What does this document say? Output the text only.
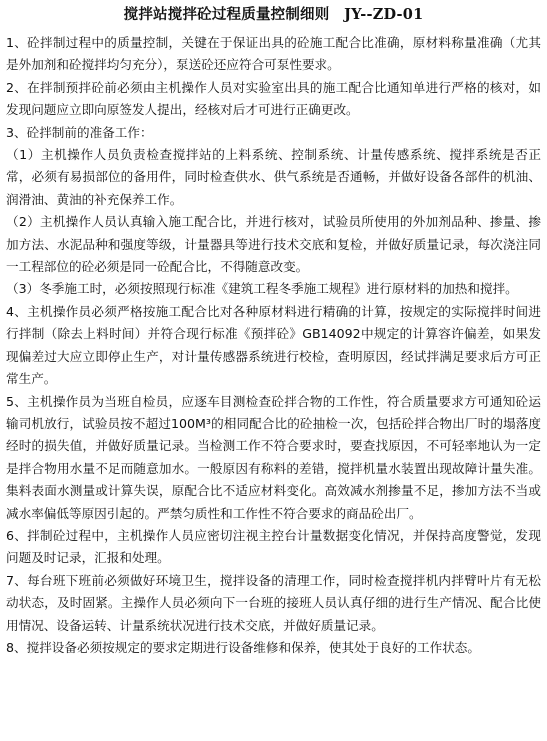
搅拌站搅拌砼过程质量控制细则　JY--ZD-01

1、砼拌制过程中的质量控制，关键在于保证出具的砼施工配合比准确，原材料称量准确（尤其是外加剂和砼搅拌均匀充分），泵送砼还应符合可泵性要求。

2、在拌制预拌砼前必须由主机操作人员对实验室出具的施工配合比通知单进行严格的核对，如发现问题应立即向原签发人提出，经核对后才可进行正确更改。

3、砼拌制前的准备工作：

（1）主机操作人员负责检查搅拌站的上料系统、控制系统、计量传感系统、搅拌系统是否正常，必须有易损部位的备用件，同时检查供水、供气系统是否通畅，并做好设备各部件的机油、润滑油、黄油的补充保养工作。

（2）主机操作人员认真输入施工配合比，并进行核对，试验员所使用的外加剂品种、掺量、掺加方法、水泥品种和强度等级，计量器具等进行技术交底和复检，并做好质量记录，每次浇注同一工程部位的砼必须是同一砼配合比，不得随意改变。

（3）冬季施工时，必须按照现行标准《建筑工程冬季施工规程》进行原材料的加热和搅拌。

4、主机操作员必须严格按施工配合比对各种原材料进行精确的计算，按规定的实际搅拌时间进行拌制（除去上料时间）并符合现行标准《预拌砼》GB14092中规定的计算容许偏差，如果发现偏差过大应立即停止生产，对计量传感器系统进行校检，查明原因，经试拌满足要求后方可正常生产。

5、主机操作员为当班自检员，应逐车目测检查砼拌合物的工作性，符合质量要求方可通知砼运输司机放行，试验员按不超过100M³的相同配合比的砼抽检一次，包括砼拌合物出厂时的塌落度经时的损失值，并做好质量记录。当检测工作不符合要求时，要查找原因，不可轻率地认为一定是拌合物用水量不足而随意加水。一般原因有称料的差错，搅拌机量水装置出现故障计量失准。集料表面水测量或计算失误，原配合比不适应材料变化。高效减水剂掺量不足，掺加方法不当或减水率偏低等原因引起的。严禁匀质性和工作性不符合要求的商品砼出厂。

6、拌制砼过程中，主机操作人员应密切注视主控台计量数据变化情况，并保持高度警觉，发现问题及时记录，汇报和处理。

7、每台班下班前必须做好环境卫生，搅拌设备的清理工作，同时检查搅拌机内拌臂叶片有无松动状态，及时固紧。主操作人员必须向下一台班的接班人员认真仔细的进行生产情况、配合比使用情况、设备运转、计量系统状况进行技术交底，并做好质量记录。

8、搅拌设备必须按规定的要求定期进行设备维修和保养，使其处于良好的工作状态。
